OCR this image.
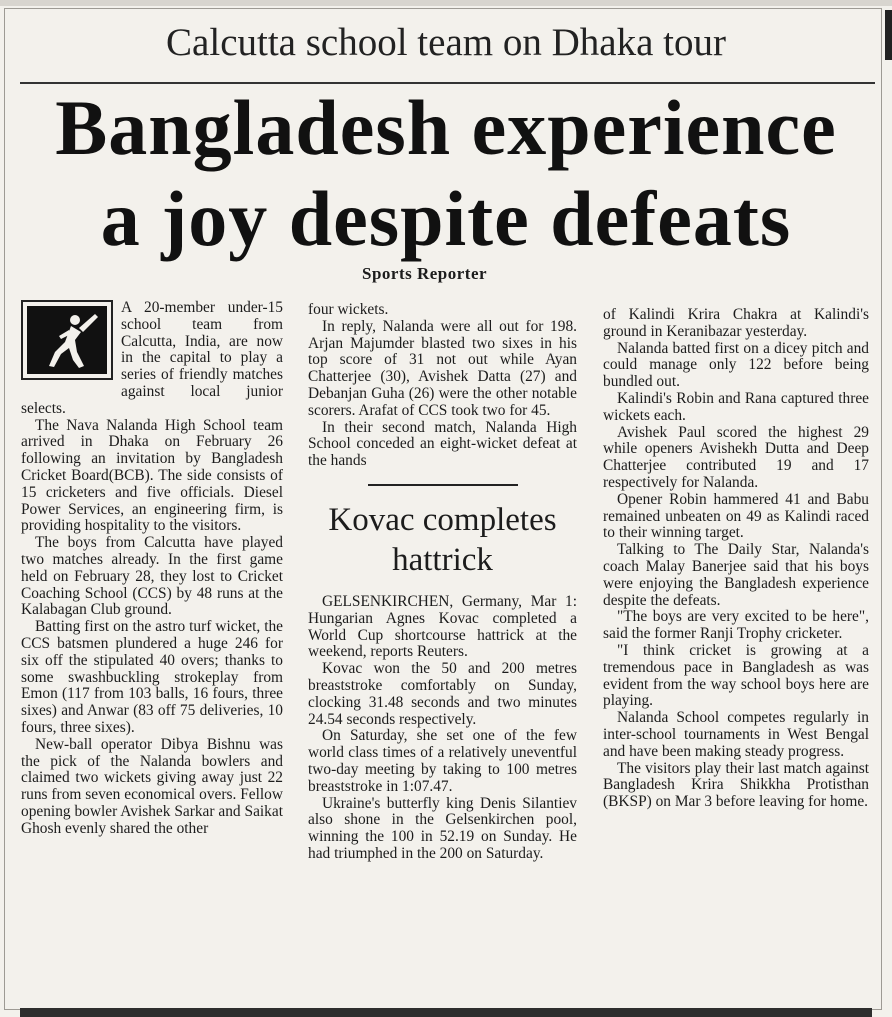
Calcutta school team on Dhaka tour
Bangladesh experience
a joy despite defeats
Sports Reporter

A 20-member under-15 school team from Calcutta, India, are now in the capital to play a series of friendly matches against local junior selects.

The Nava Nalanda High School team arrived in Dhaka on February 26 following an invitation by Bangladesh Cricket Board(BCB). The side consists of 15 cricketers and five officials. Diesel Power Services, an engineering firm, is providing hospitality to the visitors.

The boys from Calcutta have played two matches already. In the first game held on February 28, they lost to Cricket Coaching School (CCS) by 48 runs at the Kalabagan Club ground.

Batting first on the astro turf wicket, the CCS batsmen plundered a huge 246 for six off the stipulated 40 overs; thanks to some swashbuckling strokeplay from Emon (117 from 103 balls, 16 fours, three sixes) and Anwar (83 off 75 deliveries, 10 fours, three sixes).

New-ball operator Dibya Bishnu was the pick of the Nalanda bowlers and claimed two wickets giving away just 22 runs from seven economical overs. Fellow opening bowler Avishek Sarkar and Saikat Ghosh evenly shared the other

four wickets.

In reply, Nalanda were all out for 198. Arjan Majumder blasted two sixes in his top score of 31 not out while Ayan Chatterjee (30), Avishek Datta (27) and Debanjan Guha (26) were the other notable scorers. Arafat of CCS took two for 45.

In their second match, Nalanda High School conceded an eight-wicket defeat at the hands

Kovac completes hattrick

GELSENKIRCHEN, Germany, Mar 1: Hungarian Agnes Kovac completed a World Cup shortcourse hattrick at the weekend, reports Reuters.

Kovac won the 50 and 200 metres breaststroke comfortably on Sunday, clocking 31.48 seconds and two minutes 24.54 seconds respectively.

On Saturday, she set one of the few world class times of a relatively uneventful two-day meeting by taking to 100 metres breaststroke in 1:07.47.

Ukraine's butterfly king Denis Silantiev also shone in the Gelsenkirchen pool, winning the 100 in 52.19 on Sunday. He had triumphed in the 200 on Saturday.

of Kalindi Krira Chakra at Kalindi's ground in Keranibazar yesterday.

Nalanda batted first on a dicey pitch and could manage only 122 before being bundled out.

Kalindi's Robin and Rana captured three wickets each.

Avishek Paul scored the highest 29 while openers Avishekh Dutta and Deep Chatterjee contributed 19 and 17 respectively for Nalanda.

Opener Robin hammered 41 and Babu remained unbeaten on 49 as Kalindi raced to their winning target.

Talking to The Daily Star, Nalanda's coach Malay Banerjee said that his boys were enjoying the Bangladesh experience despite the defeats.

"The boys are very excited to be here", said the former Ranji Trophy cricketer.

"I think cricket is growing at a tremendous pace in Bangladesh as was evident from the way school boys here are playing.

Nalanda School competes regularly in inter-school tournaments in West Bengal and have been making steady progress.

The visitors play their last match against Bangladesh Krira Shikkha Protisthan (BKSP) on Mar 3 before leaving for home.
